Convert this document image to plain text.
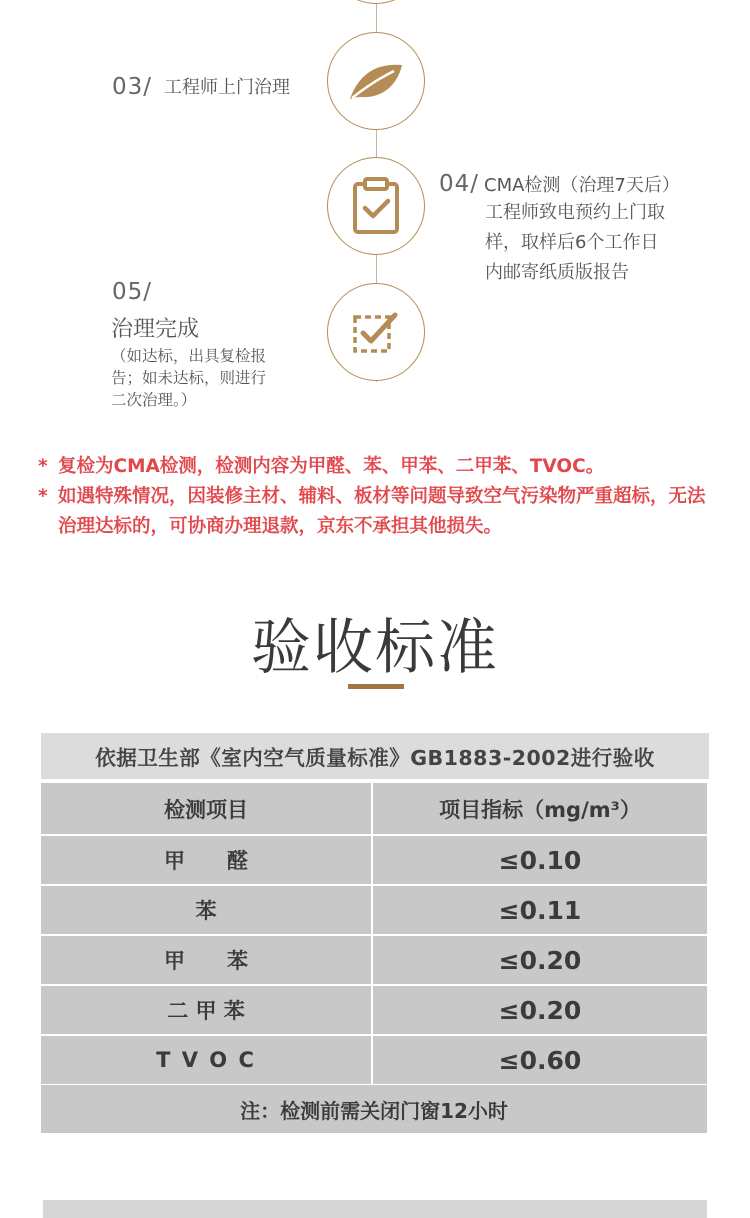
03/ 工程师上门治理
04/ CMA检测（治理7天后）
工程师致电预约上门取
样，取样后6个工作日
内邮寄纸质版报告
05/
治理完成
（如达标，出具复检报
告；如未达标，则进行
二次治理。）
* 复检为CMA检测，检测内容为甲醛、苯、甲苯、二甲苯、TVOC。
* 如遇特殊情况，因装修主材、辅料、板材等问题导致空气污染物严重超标，无法治理达标的，可协商办理退款，京东不承担其他损失。
验收标准
依据卫生部《室内空气质量标准》GB1883-2002进行验收
检测项目	项目指标（mg/m³）
甲　　醛	≤0.10
苯	≤0.11
甲　　苯	≤0.20
二 甲 苯	≤0.20
T V O C	≤0.60
注：检测前需关闭门窗12小时
